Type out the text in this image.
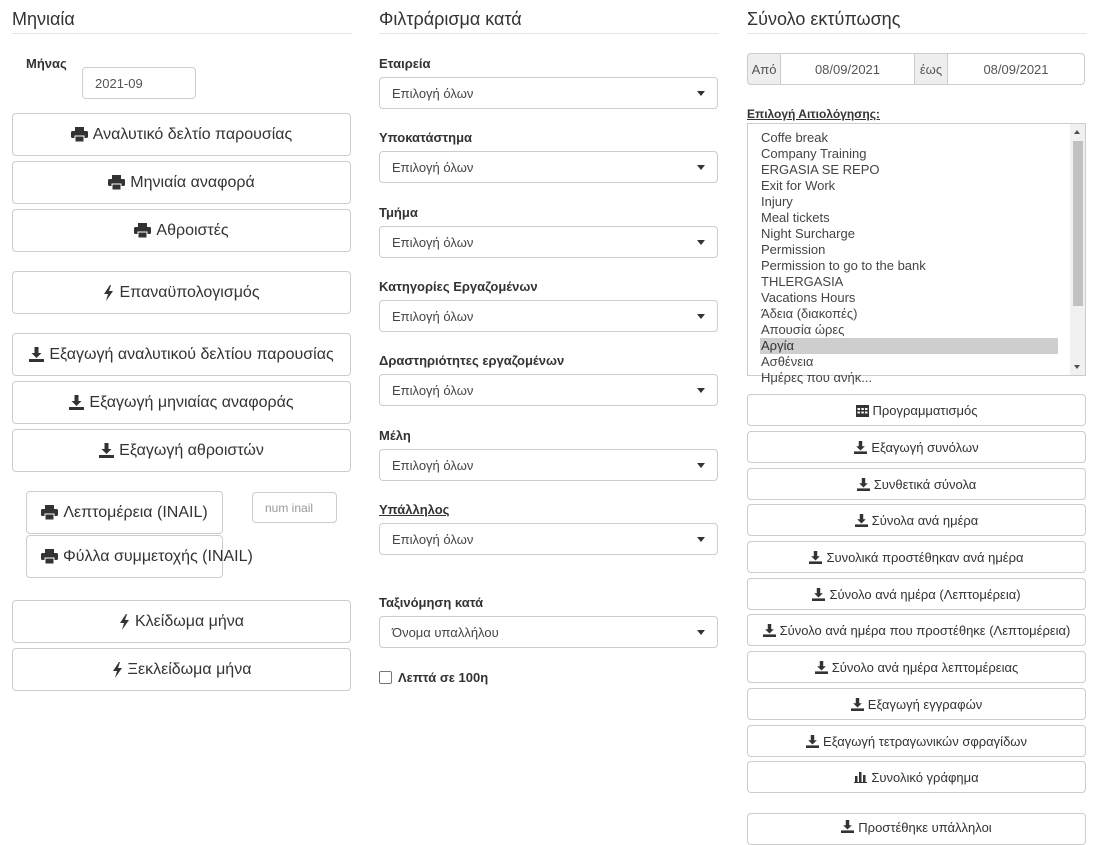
Μηνιαία
Μήνας
2021-09
Αναλυτικό δελτίο παρουσίας
Μηνιαία αναφορά
Αθροιστές
Επαναϋπολογισμός
Εξαγωγή αναλυτικού δελτίου παρουσίας
Εξαγωγή μηνιαίας αναφοράς
Εξαγωγή αθροιστών
Λεπτομέρεια (INAIL)	num inail
Φύλλα συμμετοχής (INAIL)
Κλείδωμα μήνα
Ξεκλείδωμα μήνα
Φιλτράρισμα κατά
Εταιρεία
Επιλογή όλων
Υποκατάστημα
Επιλογή όλων
Τμήμα
Επιλογή όλων
Κατηγορίες Εργαζομένων
Επιλογή όλων
Δραστηριότητες εργαζομένων
Επιλογή όλων
Μέλη
Επιλογή όλων
Υπάλληλος
Επιλογή όλων
Ταξινόμηση κατά
Όνομα υπαλλήλου
Λεπτά σε 100η
Σύνολο εκτύπωσης
Από	08/09/2021	έως	08/09/2021
Επιλογή Αιτιολόγησης:
Coffe break
Company Training
ERGASIA SE REPO
Exit for Work
Injury
Meal tickets
Night Surcharge
Permission
Permission to go to the bank
THLERGASIA
Vacations Hours
Άδεια (διακοπές)
Απουσία ώρες
Αργία
Ασθένεια
Ημέρες που ανήκ...
Προγραμματισμός
Εξαγωγή συνόλων
Συνθετικά σύνολα
Σύνολα ανά ημέρα
Συνολικά προστέθηκαν ανά ημέρα
Σύνολο ανά ημέρα (Λεπτομέρεια)
Σύνολο ανά ημέρα που προστέθηκε (Λεπτομέρεια)
Σύνολο ανά ημέρα λεπτομέρειας
Εξαγωγή εγγραφών
Εξαγωγή τετραγωνικών σφραγίδων
Συνολικό γράφημα
Προστέθηκε υπάλληλοι
